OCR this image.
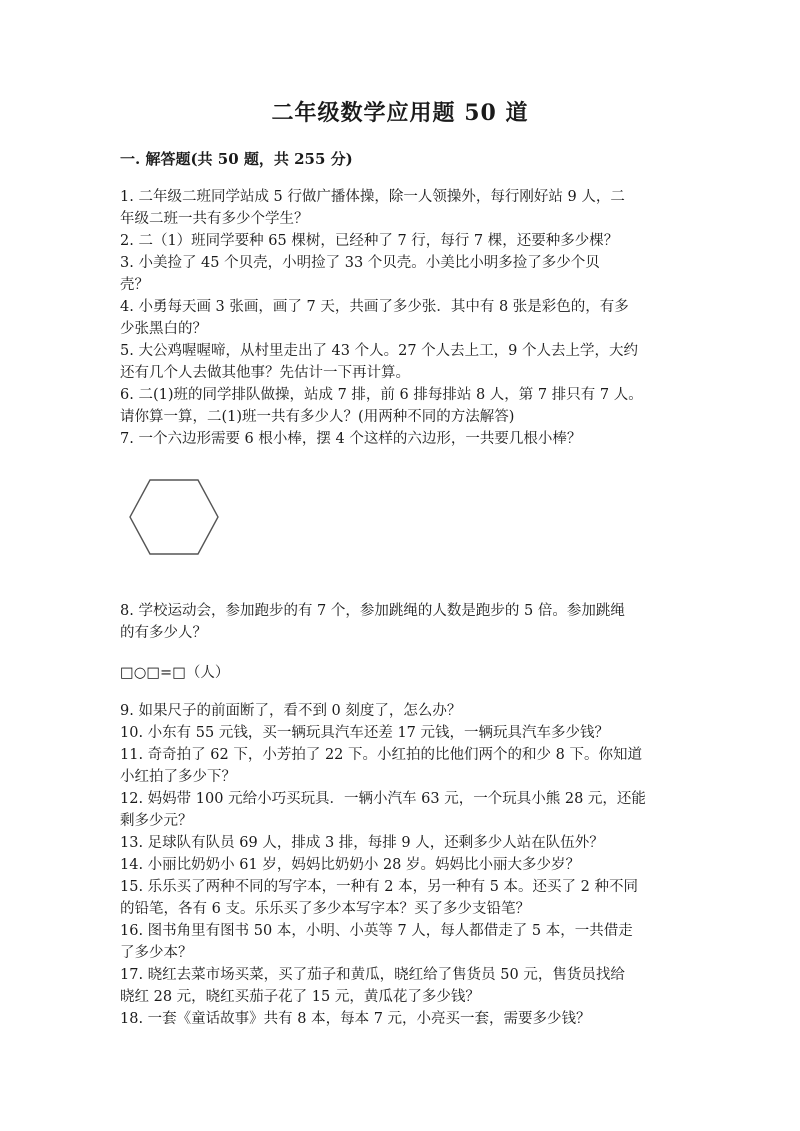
二年级数学应用题 50 道
一. 解答题(共 50 题，共 255 分)

1. 二年级二班同学站成 5 行做广播体操，除一人领操外，每行刚好站 9 人，二
年级二班一共有多少个学生？

2. 二（1）班同学要种 65 棵树，已经种了 7 行，每行 7 棵，还要种多少棵？

3. 小美捡了 45 个贝壳，小明捡了 33 个贝壳。小美比小明多捡了多少个贝
壳？

4. 小勇每天画 3 张画，画了 7 天，共画了多少张．其中有 8 张是彩色的，有多
少张黑白的？

5. 大公鸡喔喔啼，从村里走出了 43 个人。27 个人去上工，9 个人去上学，大约
还有几个人去做其他事？先估计一下再计算。

6. 二(1)班的同学排队做操，站成 7 排，前 6 排每排站 8 人，第 7 排只有 7 人。
请你算一算，二(1)班一共有多少人？(用两种不同的方法解答)

7. 一个六边形需要 6 根小棒，摆 4 个这样的六边形，一共要几根小棒？

8. 学校运动会，参加跑步的有 7 个，参加跳绳的人数是跑步的 5 倍。参加跳绳
的有多少人？

□○□=□（人）

9. 如果尺子的前面断了，看不到 0 刻度了，怎么办？

10. 小东有 55 元钱，买一辆玩具汽车还差 17 元钱，一辆玩具汽车多少钱？

11. 奇奇拍了 62 下，小芳拍了 22 下。小红拍的比他们两个的和少 8 下。你知道
小红拍了多少下？

12. 妈妈带 100 元给小巧买玩具．一辆小汽车 63 元，一个玩具小熊 28 元，还能
剩多少元？

13. 足球队有队员 69 人，排成 3 排，每排 9 人，还剩多少人站在队伍外？

14. 小丽比奶奶小 61 岁，妈妈比奶奶小 28 岁。妈妈比小丽大多少岁？

15. 乐乐买了两种不同的写字本，一种有 2 本，另一种有 5 本。还买了 2 种不同
的铅笔，各有 6 支。乐乐买了多少本写字本？买了多少支铅笔？

16. 图书角里有图书 50 本，小明、小英等 7 人，每人都借走了 5 本，一共借走
了多少本？

17. 晓红去菜市场买菜，买了茄子和黄瓜，晓红给了售货员 50 元，售货员找给
晓红 28 元，晓红买茄子花了 15 元，黄瓜花了多少钱？

18. 一套《童话故事》共有 8 本，每本 7 元，小亮买一套，需要多少钱？
